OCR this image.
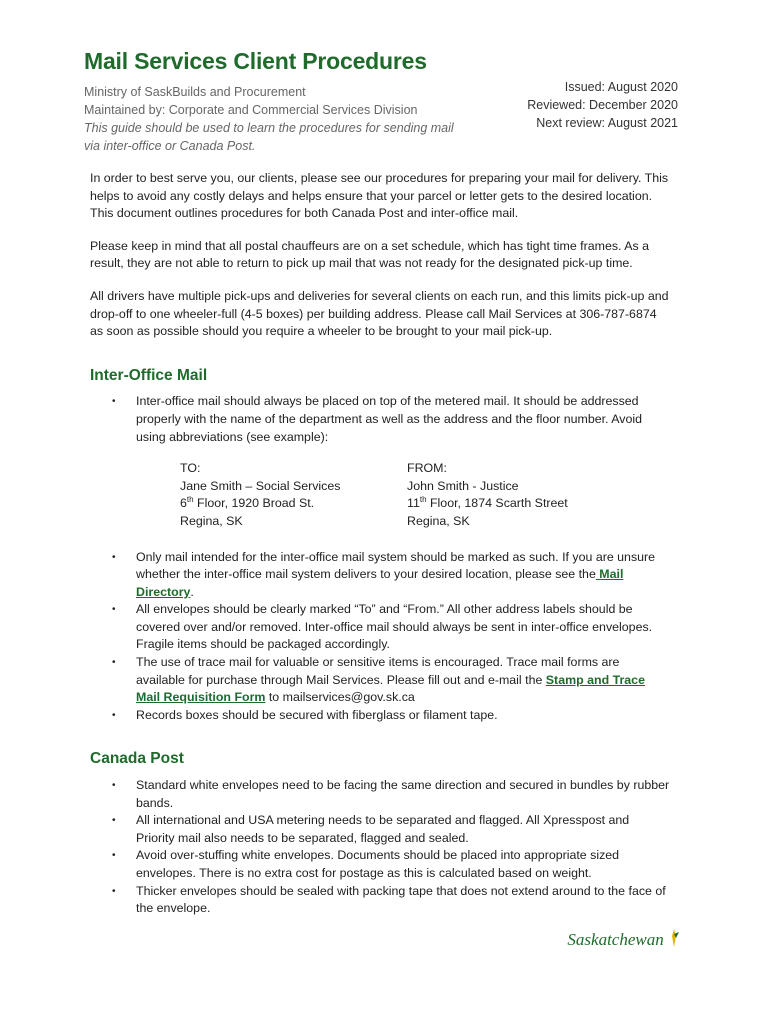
Mail Services Client Procedures
Ministry of SaskBuilds and Procurement
Maintained by: Corporate and Commercial Services Division
This guide should be used to learn the procedures for sending mail via inter-office or Canada Post.
Issued: August 2020
Reviewed: December 2020
Next review: August 2021

In order to best serve you, our clients, please see our procedures for preparing your mail for delivery. This helps to avoid any costly delays and helps ensure that your parcel or letter gets to the desired location. This document outlines procedures for both Canada Post and inter-office mail.

Please keep in mind that all postal chauffeurs are on a set schedule, which has tight time frames. As a result, they are not able to return to pick up mail that was not ready for the designated pick-up time.

All drivers have multiple pick-ups and deliveries for several clients on each run, and this limits pick-up and drop-off to one wheeler-full (4-5 boxes) per building address. Please call Mail Services at 306-787-6874 as soon as possible should you require a wheeler to be brought to your mail pick-up.

Inter-Office Mail
• Inter-office mail should always be placed on top of the metered mail. It should be addressed properly with the name of the department as well as the address and the floor number. Avoid using abbreviations (see example):
TO:
Jane Smith – Social Services
6th Floor, 1920 Broad St.
Regina, SK
FROM:
John Smith - Justice
11th Floor, 1874 Scarth Street
Regina, SK
• Only mail intended for the inter-office mail system should be marked as such. If you are unsure whether the inter-office mail system delivers to your desired location, please see the Mail Directory.
• All envelopes should be clearly marked “To” and “From.” All other address labels should be covered over and/or removed. Inter-office mail should always be sent in inter-office envelopes. Fragile items should be packaged accordingly.
• The use of trace mail for valuable or sensitive items is encouraged. Trace mail forms are available for purchase through Mail Services. Please fill out and e-mail the Stamp and Trace Mail Requisition Form to mailservices@gov.sk.ca
• Records boxes should be secured with fiberglass or filament tape.
Canada Post
• Standard white envelopes need to be facing the same direction and secured in bundles by rubber bands.
• All international and USA metering needs to be separated and flagged. All Xpresspost and Priority mail also needs to be separated, flagged and sealed.
• Avoid over-stuffing white envelopes. Documents should be placed into appropriate sized envelopes. There is no extra cost for postage as this is calculated based on weight.
• Thicker envelopes should be sealed with packing tape that does not extend around to the face of the envelope.
Saskatchewan
